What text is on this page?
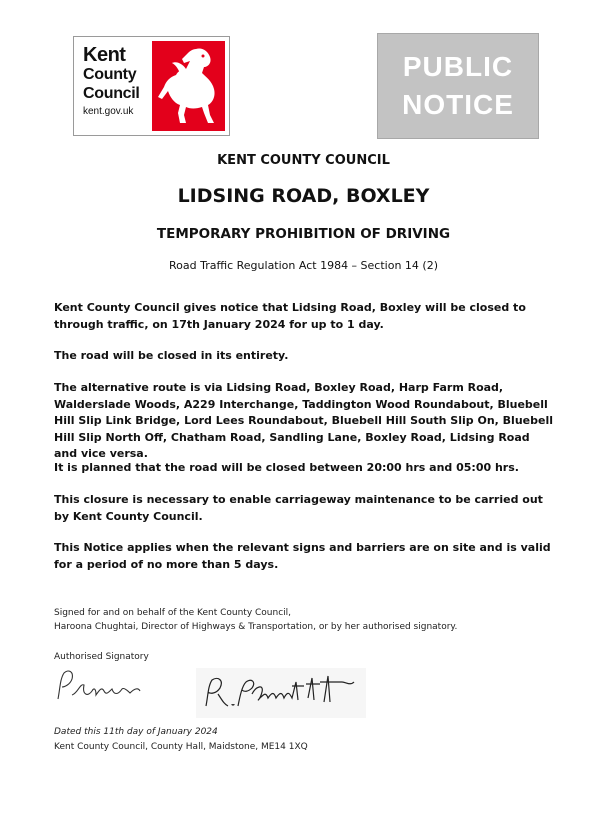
Kent
County
Council
kent.gov.uk
PUBLIC
NOTICE
KENT COUNTY COUNCIL
LIDSING ROAD, BOXLEY
TEMPORARY PROHIBITION OF DRIVING
Road Traffic Regulation Act 1984 – Section 14 (2)
Kent County Council gives notice that Lidsing Road, Boxley will be closed to through traffic, on 17th January 2024 for up to 1 day.
The road will be closed in its entirety.
The alternative route is via Lidsing Road, Boxley Road, Harp Farm Road, Walderslade Woods, A229 Interchange, Taddington Wood Roundabout, Bluebell Hill Slip Link Bridge, Lord Lees Roundabout, Bluebell Hill South Slip On, Bluebell Hill Slip North Off, Chatham Road, Sandling Lane, Boxley Road, Lidsing Road and vice versa.
It is planned that the road will be closed between 20:00 hrs and 05:00 hrs.
This closure is necessary to enable carriageway maintenance to be carried out by Kent County Council.
This Notice applies when the relevant signs and barriers are on site and is valid for a period of no more than 5 days.
Signed for and on behalf of the Kent County Council,
Haroona Chughtai, Director of Highways & Transportation, or by her authorised signatory.
Authorised Signatory
Dated this 11th day of January 2024
Kent County Council, County Hall, Maidstone, ME14 1XQ
